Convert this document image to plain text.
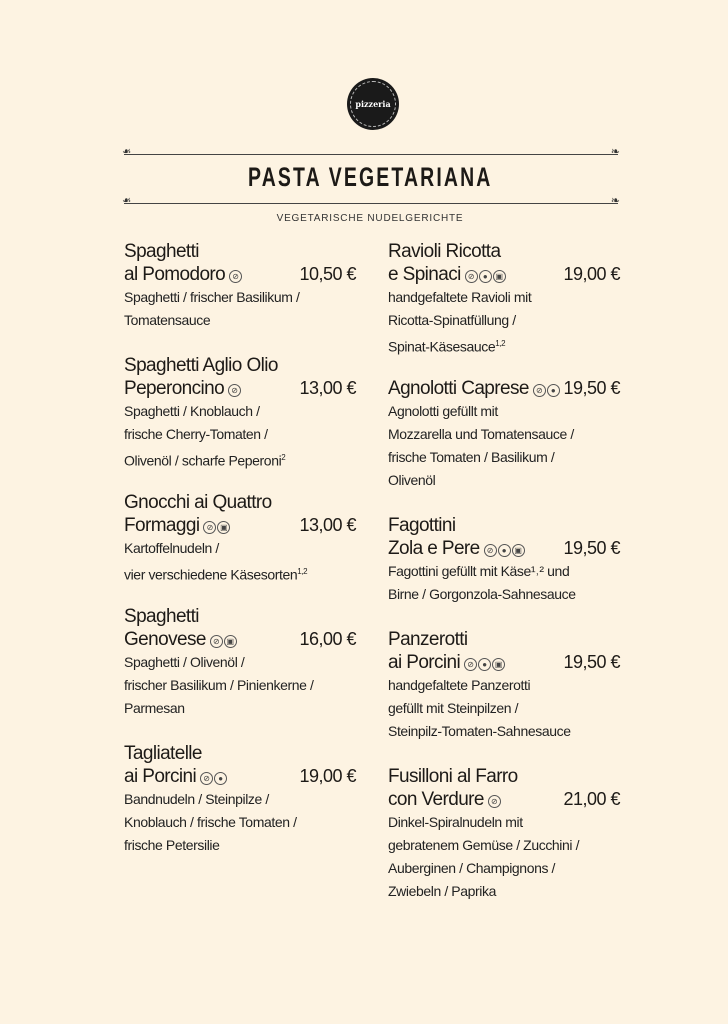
pizzeria
❧ ❧
PASTA VEGETARIANA
❧ ❧
VEGETARISCHE NUDELGERICHTE
Spaghetti
al Pomodoro ⊘	10,50 €
Spaghetti / frischer Basilikum /
Tomatensauce
Spaghetti Aglio Olio
Peperoncino ⊘	13,00 €
Spaghetti / Knoblauch /
frische Cherry-Tomaten /
Olivenöl / scharfe Peperoni$^2$
Gnocchi ai Quattro
Formaggi ⊘ ▣	13,00 €
Kartoffelnudeln /
vier verschiedene Käsesorten$^{1,2}$
Spaghetti
Genovese ⊘ ▣	16,00 €
Spaghetti / Olivenöl /
frischer Basilikum / Pinienkerne /
Parmesan
Tagliatelle
ai Porcini ⊘ ●	19,00 €
Bandnudeln / Steinpilze /
Knoblauch / frische Tomaten /
frische Petersilie
Ravioli Ricotta
e Spinaci ⊘ ● ▣	19,00 €
handgefaltete Ravioli mit
Ricotta-Spinatfüllung /
Spinat-Käsesauce$^{1,2}$
Agnolotti Caprese ⊘ ● 19,50 €
Agnolotti gefüllt mit
Mozzarella und Tomatensauce /
frische Tomaten / Basilikum /
Olivenöl
Fagottini
Zola e Pere ⊘ ● ▣ 19,50 €
Fagottini gefüllt mit Käse¹˒² und
Birne / Gorgonzola-Sahnesauce
Panzerotti
ai Porcini ⊘ ● ▣	19,50 €
handgefaltete Panzerotti
gefüllt mit Steinpilzen /
Steinpilz-Tomaten-Sahnesauce
Fusilloni al Farro
con Verdure ⊘	21,00 €
Dinkel-Spiralnudeln mit
gebratenem Gemüse / Zucchini /
Auberginen / Champignons /
Zwiebeln / Paprika
